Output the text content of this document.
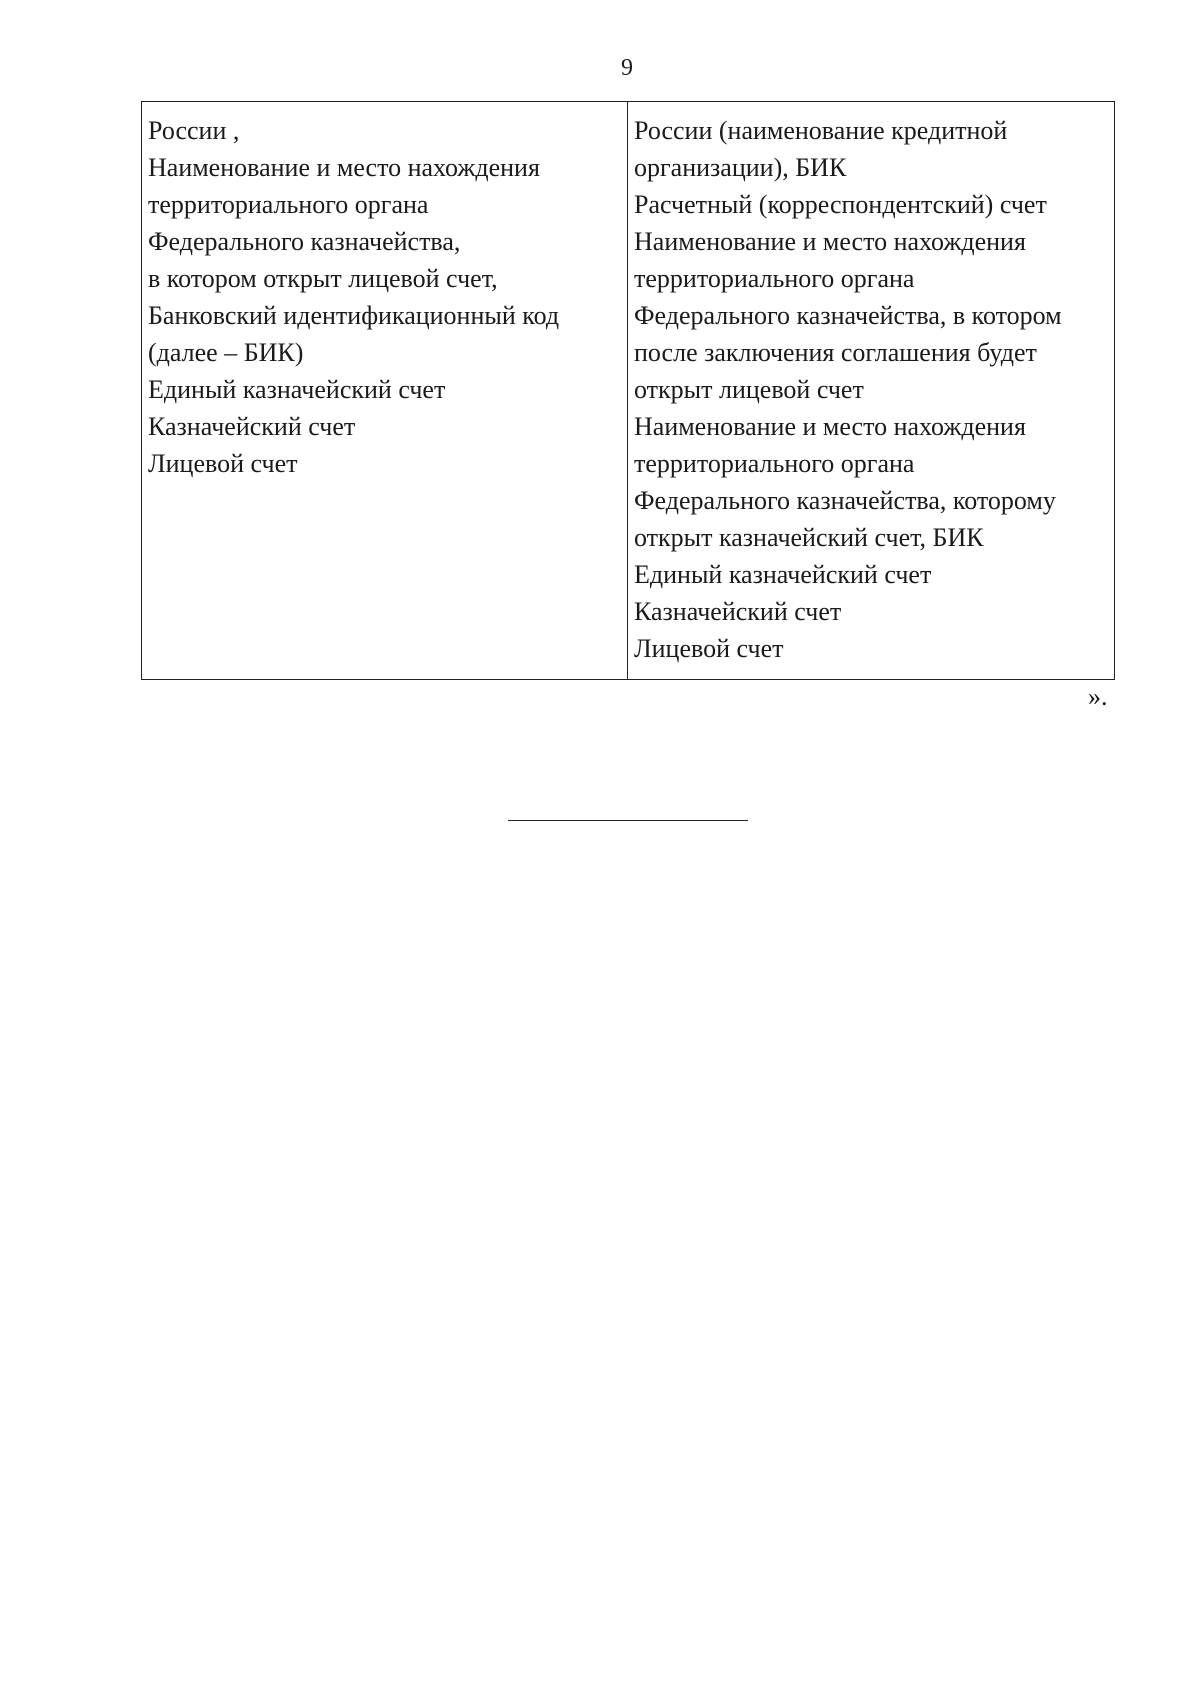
9
России ,
Наименование и место нахождения
территориального органа
Федерального казначейства,
в котором открыт лицевой счет,
Банковский идентификационный код
(далее – БИК)
Единый казначейский счет
Казначейский счет
Лицевой счет
России (наименование кредитной
организации), БИК
Расчетный (корреспондентский) счет
Наименование и место нахождения
территориального органа
Федерального казначейства, в котором
после заключения соглашения будет
открыт лицевой счет
Наименование и место нахождения
территориального органа
Федерального казначейства, которому
открыт казначейский счет, БИК
Единый казначейский счет
Казначейский счет
Лицевой счет
».
